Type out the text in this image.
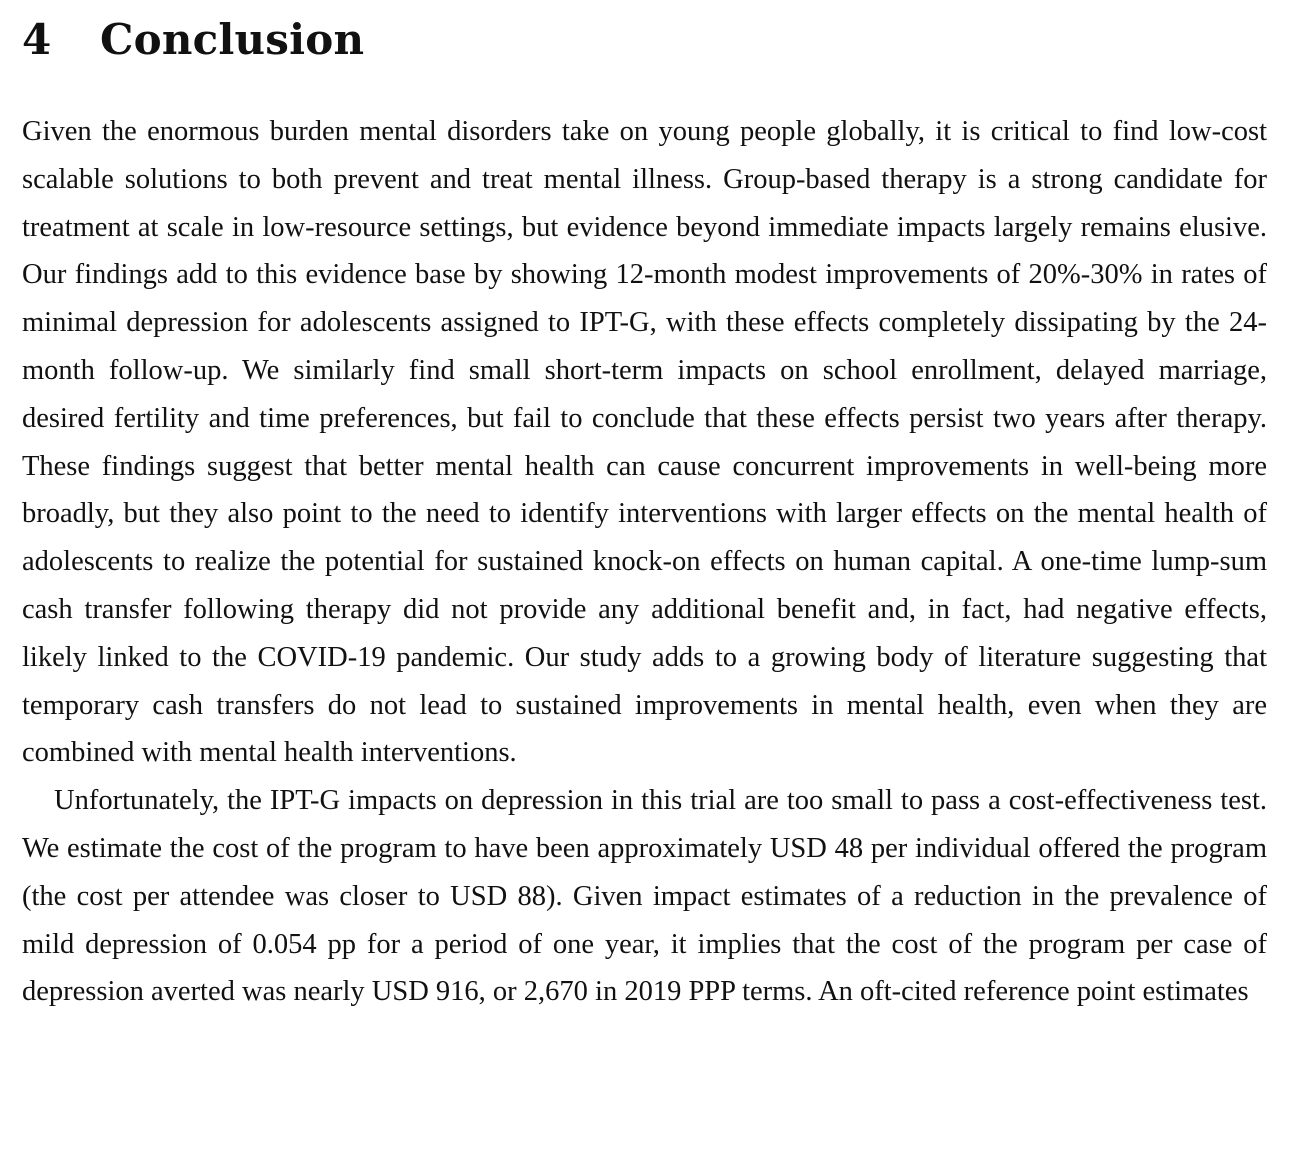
4 Conclusion

Given the enormous burden mental disorders take on young people globally, it is critical to find low-cost scalable solutions to both prevent and treat mental illness. Group-based therapy is a strong candidate for treatment at scale in low-resource settings, but evidence beyond immediate impacts largely remains elusive. Our findings add to this evidence base by showing 12-month modest improvements of 20%-30% in rates of minimal depression for adolescents assigned to IPT-G, with these effects completely dissipating by the 24-month follow-up. We similarly find small short-term impacts on school enrollment, delayed marriage, desired fertility and time preferences, but fail to conclude that these effects persist two years after therapy. These findings suggest that better mental health can cause concurrent improvements in well-being more broadly, but they also point to the need to identify interventions with larger effects on the mental health of adolescents to realize the potential for sustained knock-on effects on human capital. A one-time lump-sum cash transfer following therapy did not provide any additional benefit and, in fact, had negative effects, likely linked to the COVID-19 pandemic. Our study adds to a growing body of literature suggesting that temporary cash transfers do not lead to sustained improvements in mental health, even when they are combined with mental health interventions.

Unfortunately, the IPT-G impacts on depression in this trial are too small to pass a cost-effectiveness test. We estimate the cost of the program to have been approximately USD 48 per individual offered the program (the cost per attendee was closer to USD 88). Given impact estimates of a reduction in the prevalence of mild depression of 0.054 pp for a period of one year, it implies that the cost of the program per case of depression averted was nearly USD 916, or 2,670 in 2019 PPP terms. An oft-cited reference point estimates
